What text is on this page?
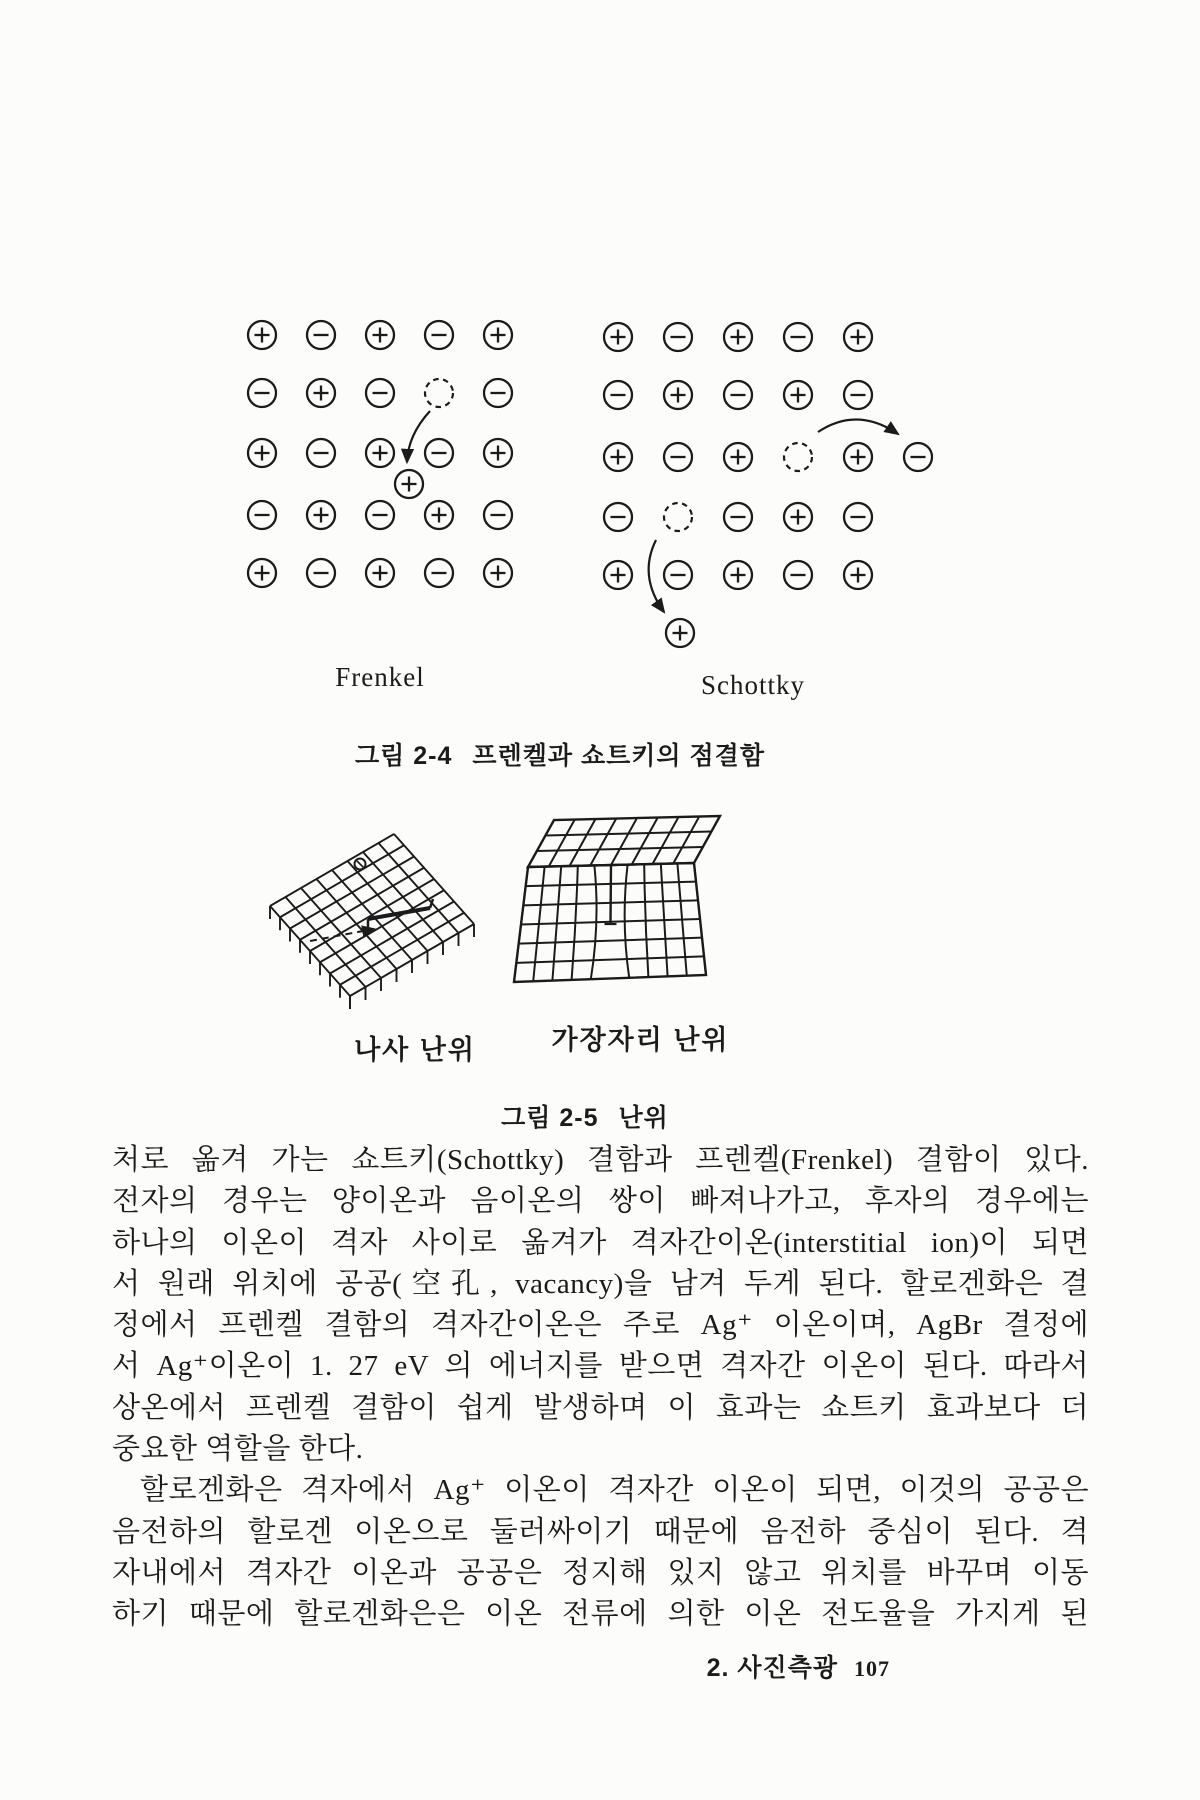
Frenkel	Schottky
그림 2-4 프렌켈과 쇼트키의 점결함
나사 난위	가장자리 난위
그림 2-5 난위
처로 옮겨 가는 쇼트키(Schottky) 결함과 프렌켈(Frenkel) 결함이 있다.
전자의 경우는 양이온과 음이온의 쌍이 빠져나가고, 후자의 경우에는
하나의 이온이 격자 사이로 옮겨가 격자간이온(interstitial ion)이 되면
서 원래 위치에 공공(空孔, vacancy)을 남겨 두게 된다. 할로겐화은 결
정에서 프렌켈 결함의 격자간이온은 주로 Ag⁺ 이온이며, AgBr 결정에
서 Ag⁺이온이 1. 27 eV 의 에너지를 받으면 격자간 이온이 된다. 따라서
상온에서 프렌켈 결함이 쉽게 발생하며 이 효과는 쇼트키 효과보다 더
중요한 역할을 한다.
할로겐화은 격자에서 Ag⁺ 이온이 격자간 이온이 되면, 이것의 공공은
음전하의 할로겐 이온으로 둘러싸이기 때문에 음전하 중심이 된다. 격
자내에서 격자간 이온과 공공은 정지해 있지 않고 위치를 바꾸며 이동
하기 때문에 할로겐화은은 이온 전류에 의한 이온 전도율을 가지게 된
2. 사진측광 107
